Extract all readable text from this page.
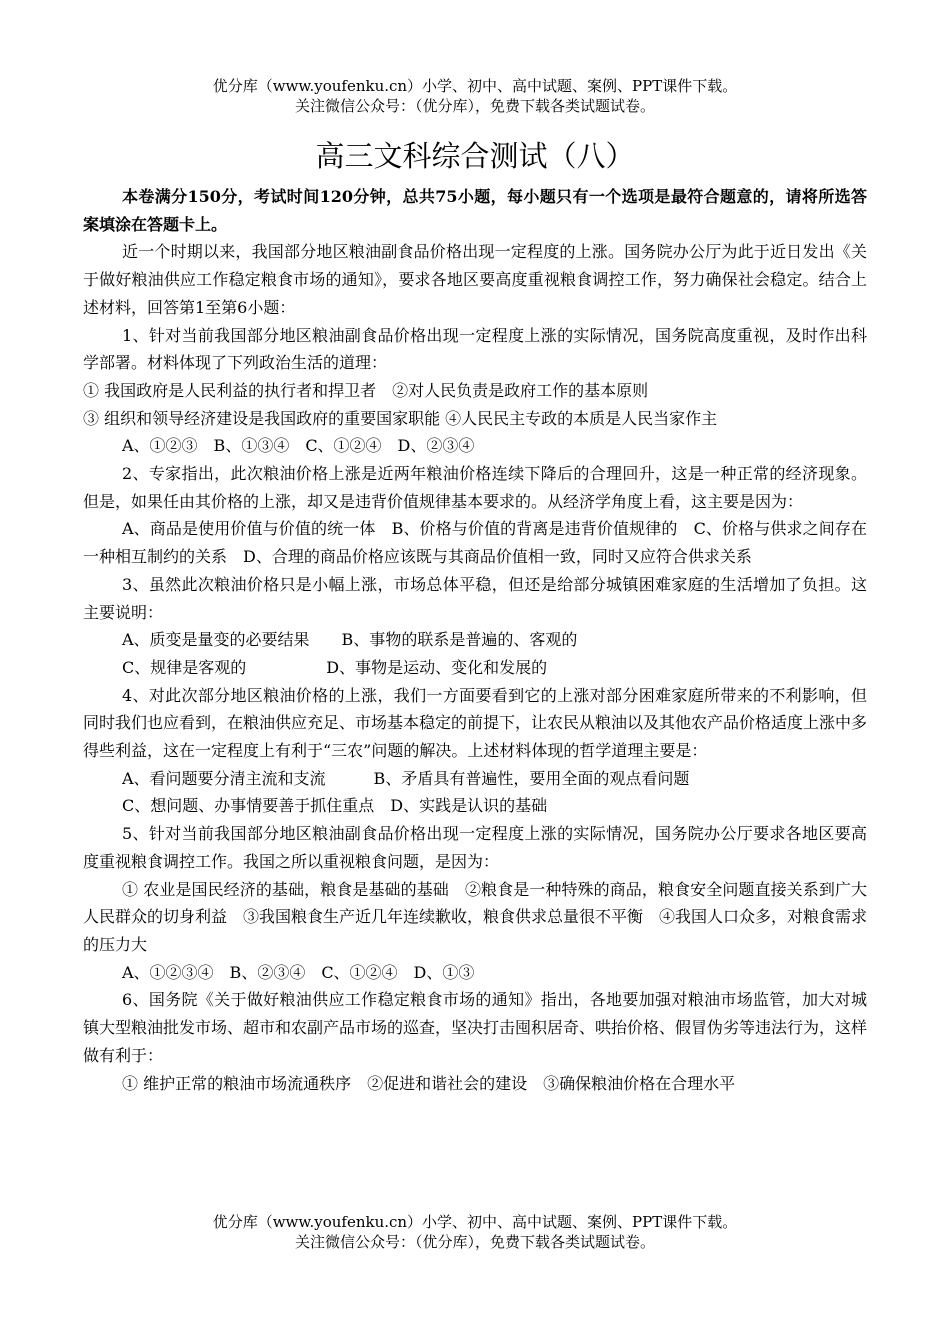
优分库（www.youfenku.cn）小学、初中、高中试题、案例、PPT课件下载。
关注微信公众号：（优分库），免费下载各类试题试卷。
高三文科综合测试（八）

本卷满分150分，考试时间120分钟，总共75小题，每小题只有一个选项是最符合题意的，请将所选答案填涂在答题卡上。

近一个时期以来，我国部分地区粮油副食品价格出现一定程度的上涨。国务院办公厅为此于近日发出《关于做好粮油供应工作稳定粮食市场的通知》，要求各地区要高度重视粮食调控工作，努力确保社会稳定。结合上述材料，回答第1至第6小题：

1、针对当前我国部分地区粮油副食品价格出现一定程度上涨的实际情况，国务院高度重视，及时作出科学部署。材料体现了下列政治生活的道理：

① 我国政府是人民利益的执行者和捍卫者　②对人民负责是政府工作的基本原则

③ 组织和领导经济建设是我国政府的重要国家职能 ④人民民主专政的本质是人民当家作主

A、①②③　B、①③④　C、①②④　D、②③④

2、专家指出，此次粮油价格上涨是近两年粮油价格连续下降后的合理回升，这是一种正常的经济现象。但是，如果任由其价格的上涨，却又是违背价值规律基本要求的。从经济学角度上看，这主要是因为：

A、商品是使用价值与价值的统一体　B、价格与价值的背离是违背价值规律的　C、价格与供求之间存在一种相互制约的关系　D、合理的商品价格应该既与其商品价值相一致，同时又应符合供求关系

3、虽然此次粮油价格只是小幅上涨，市场总体平稳，但还是给部分城镇困难家庭的生活增加了负担。这主要说明：

A、质变是量变的必要结果　　B、事物的联系是普遍的、客观的

C、规律是客观的　　　　　D、事物是运动、变化和发展的

4、对此次部分地区粮油价格的上涨，我们一方面要看到它的上涨对部分困难家庭所带来的不利影响，但同时我们也应看到，在粮油供应充足、市场基本稳定的前提下，让农民从粮油以及其他农产品价格适度上涨中多得些利益，这在一定程度上有利于“三农”问题的解决。上述材料体现的哲学道理主要是：

A、看问题要分清主流和支流　　　B、矛盾具有普遍性，要用全面的观点看问题

C、想问题、办事情要善于抓住重点　D、实践是认识的基础

5、针对当前我国部分地区粮油副食品价格出现一定程度上涨的实际情况，国务院办公厅要求各地区要高度重视粮食调控工作。我国之所以重视粮食问题，是因为：

① 农业是国民经济的基础，粮食是基础的基础　②粮食是一种特殊的商品，粮食安全问题直接关系到广大人民群众的切身利益　③我国粮食生产近几年连续歉收，粮食供求总量很不平衡　④我国人口众多，对粮食需求的压力大

A、①②③④　B、②③④　C、①②④　D、①③

6、国务院《关于做好粮油供应工作稳定粮食市场的通知》指出，各地要加强对粮油市场监管，加大对城镇大型粮油批发市场、超市和农副产品市场的巡查，坚决打击囤积居奇、哄抬价格、假冒伪劣等违法行为，这样做有利于：

① 维护正常的粮油市场流通秩序　②促进和谐社会的建设　③确保粮油价格在合理水平

优分库（www.youfenku.cn）小学、初中、高中试题、案例、PPT课件下载。
关注微信公众号：（优分库），免费下载各类试题试卷。
